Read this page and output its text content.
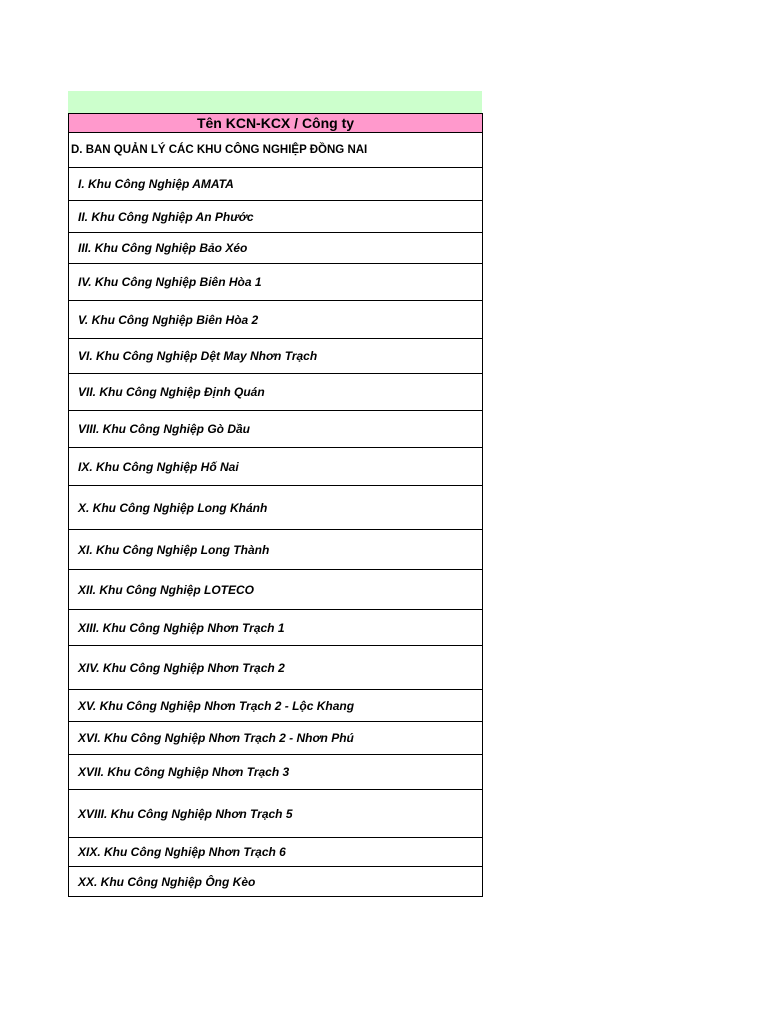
Tên KCN-KCX / Công ty
D. BAN QUẢN LÝ CÁC KHU CÔNG NGHIỆP ĐỒNG NAI
I. Khu Công Nghiệp AMATA
II. Khu Công Nghiệp An Phước
III. Khu Công Nghiệp Bảo Xéo
IV. Khu Công Nghiệp Biên Hòa 1
V. Khu Công Nghiệp Biên Hòa 2
VI. Khu Công Nghiệp Dệt May Nhơn Trạch
VII. Khu Công Nghiệp Định Quán
VIII. Khu Công Nghiệp Gò Dầu
IX. Khu Công Nghiệp Hố Nai
X. Khu Công Nghiệp Long Khánh
XI. Khu Công Nghiệp Long Thành
XII. Khu Công Nghiệp LOTECO
XIII. Khu Công Nghiệp Nhơn Trạch 1
XIV. Khu Công Nghiệp Nhơn Trạch 2
XV. Khu Công Nghiệp Nhơn Trạch 2 - Lộc Khang
XVI. Khu Công Nghiệp Nhơn Trạch 2 - Nhơn Phú
XVII. Khu Công Nghiệp Nhơn Trạch 3
XVIII. Khu Công Nghiệp Nhơn Trạch 5
XIX. Khu Công Nghiệp Nhơn Trạch 6
XX. Khu Công Nghiệp Ông Kèo
